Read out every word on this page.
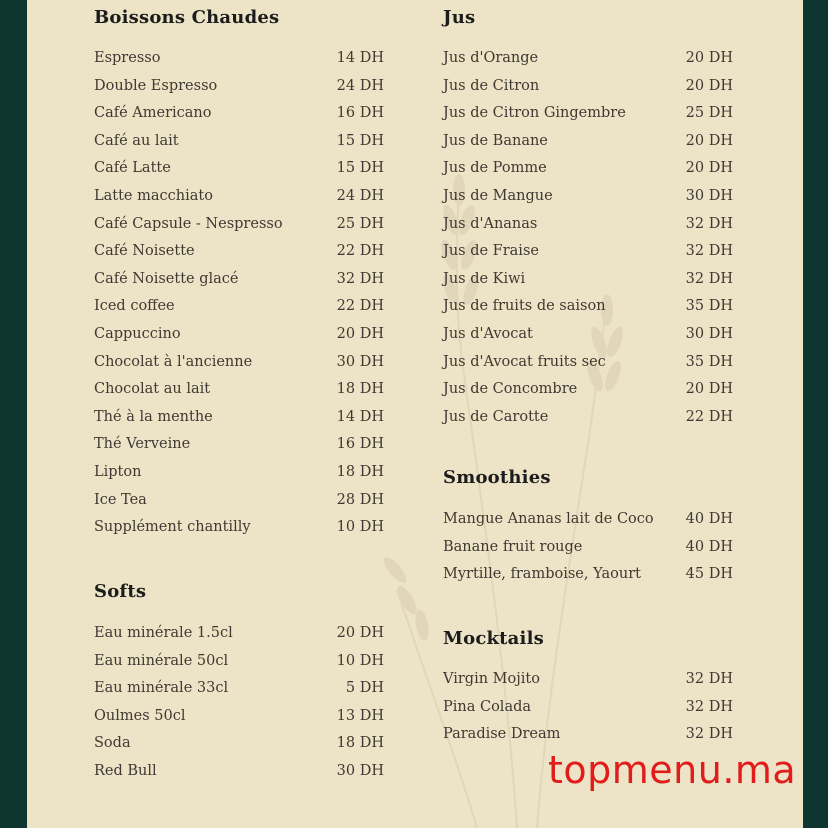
Boissons Chaudes
Espresso	14 DH
Double Espresso	24 DH
Café Americano	16 DH
Café au lait	15 DH
Café Latte	15 DH
Latte macchiato	24 DH
Café Capsule - Nespresso	25 DH
Café Noisette	22 DH
Café Noisette glacé	32 DH
Iced coffee	22 DH
Cappuccino	20 DH
Chocolat à l'ancienne	30 DH
Chocolat au lait	18 DH
Thé à la menthe	14 DH
Thé Verveine	16 DH
Lipton	18 DH
Ice Tea	28 DH
Supplément chantilly	10 DH
Softs
Eau minérale 1.5cl	20 DH
Eau minérale 50cl	10 DH
Eau minérale 33cl	5 DH
Oulmes 50cl	13 DH
Soda	18 DH
Red Bull	30 DH
Jus
Jus d'Orange	20 DH
Jus de Citron	20 DH
Jus de Citron Gingembre	25 DH
Jus de Banane	20 DH
Jus de Pomme	20 DH
Jus de Mangue	30 DH
Jus d'Ananas	32 DH
Jus de Fraise	32 DH
Jus de Kiwi	32 DH
Jus de fruits de saison	35 DH
Jus d'Avocat	30 DH
Jus d'Avocat fruits sec	35 DH
Jus de Concombre	20 DH
Jus de Carotte	22 DH
Smoothies
Mangue Ananas lait de Coco 40 DH
Banane fruit rouge	40 DH
Myrtille, framboise, Yaourt	45 DH
Mocktails
Virgin Mojito	32 DH
Pina Colada	32 DH
Paradise Dream	32 DH
topmenu.ma
